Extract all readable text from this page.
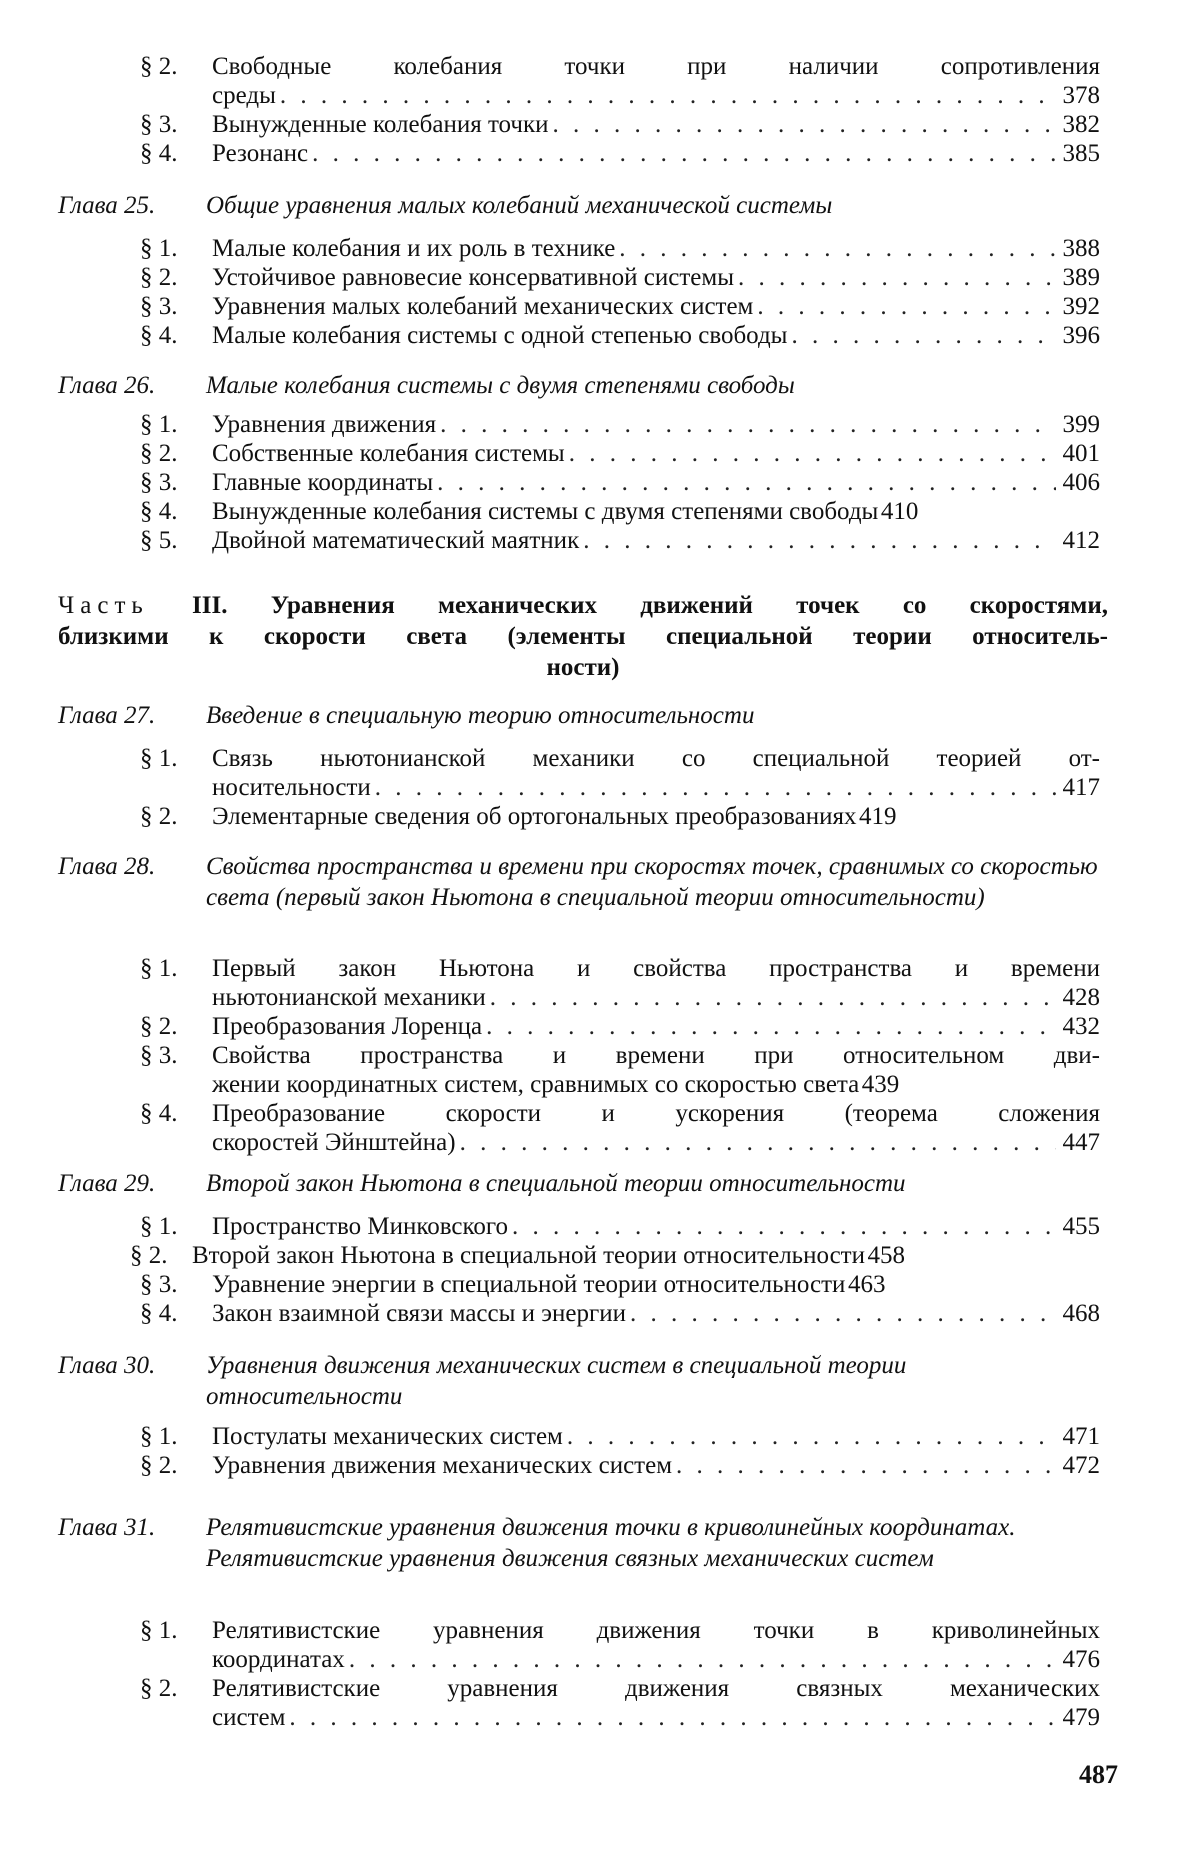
§ 2.	Свободные колебания точки при наличии сопротивления
среды . . .	378
§ 3.	Вынужденные колебания точки . . .	382
§ 4.	Резонанс . . .	385
Глава 25. Общие уравнения малых колебаний механической системы
§ 1.	Малые колебания и их роль в технике . . .	388
§ 2.	Устойчивое равновесие консервативной системы . . .	389
§ 3.	Уравнения малых колебаний механических систем . . .	392
§ 4.	Малые колебания системы с одной степенью свободы . . .	396
Глава 26. Малые колебания системы с двумя степенями свободы
§ 1.	Уравнения движения . . .	399
§ 2.	Собственные колебания системы . . .	401
§ 3.	Главные координаты . . .	406
§ 4.	Вынужденные колебания системы с двумя степенями свободы 410
§ 5.	Двойной математический маятник . . .	412
Часть III. Уравнения механических движений точек со скоростями,
близкими к скорости света (элементы специальной теории относитель-
ности)
Глава 27. Введение в специальную теорию относительности
§ 1.	Связь ньютонианской механики со специальной теорией от-
носительности . . .	417
§ 2.	Элементарные сведения об ортогональных преобразованиях 419
Глава 28. Свойства пространства и времени при скоростях точек, сравнимых со скоростью света (первый закон Ньютона в специальной теории относительности)
§ 1.	Первый закон Ньютона и свойства пространства и времени
ньютонианской механики . . .	428
§ 2.	Преобразования Лоренца . . .	432
§ 3.	Свойства пространства и времени при относительном дви-
жении координатных систем, сравнимых со скоростью света 439
§ 4.	Преобразование скорости и ускорения (теорема сложения
скоростей Эйнштейна) . . .	447
Глава 29. Второй закон Ньютона в специальной теории относительности
§ 1.	Пространство Минковского . . .	455
§ 2. Второй закон Ньютона в специальной теории относительности 458
§ 3.	Уравнение энергии в специальной теории относительности 463
§ 4.	Закон взаимной связи массы и энергии . . .	468
Глава 30. Уравнения движения механических систем в специальной теории относительности
§ 1.	Постулаты механических систем . . .	471
§ 2.	Уравнения движения механических систем . . .	472
Глава 31. Релятивистские уравнения движения точки в криволинейных координатах. Релятивистские уравнения движения связных механических систем
§ 1.	Релятивистские уравнения движения точки в криволинейных
координатах . . .	476
§ 2.	Релятивистские уравнения движения связных механических
систем . . .	479
487
